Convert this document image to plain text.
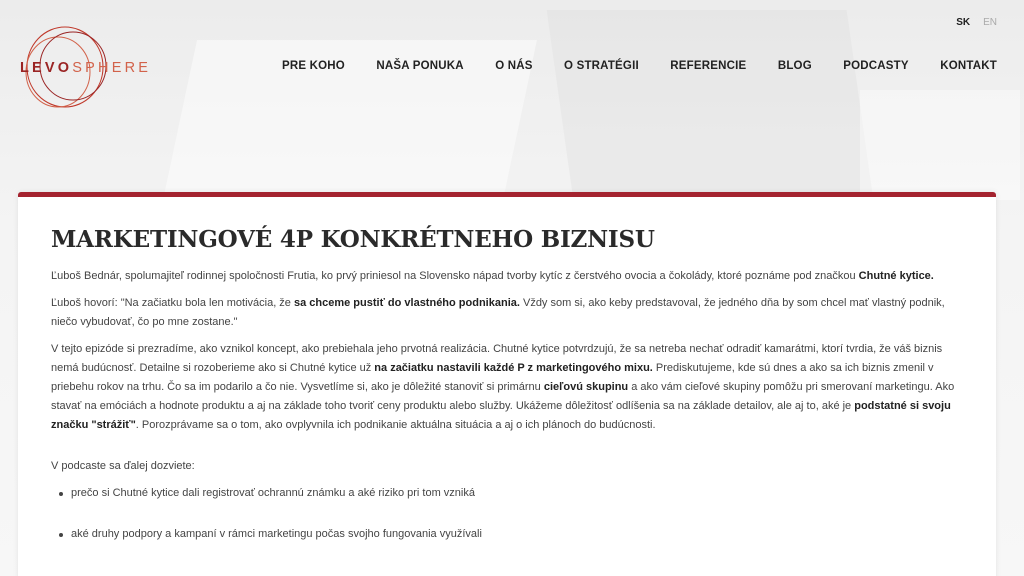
LEVOSPHERE
SK EN
PRE KOHO	NAŠA PONUKA	O NÁS	O STRATÉGII	REFERENCIE	BLOG	PODCASTY	KONTAKT
MARKETINGOVÉ 4P KONKRÉTNEHO BIZNISU

Ľuboš Bednár, spolumajiteľ rodinnej spoločnosti Frutia, ko prvý priniesol na Slovensko nápad tvorby kytíc z čerstvého ovocia a čokolády, ktoré poznáme pod značkou Chutné kytice.

Ľuboš hovorí: "Na začiatku bola len motivácia, že sa chceme pustiť do vlastného podnikania. Vždy som si, ako keby predstavoval, že jedného dňa by som chcel mať vlastný podnik, niečo vybudovať, čo po mne zostane."

V tejto epizóde si prezradíme, ako vznikol koncept, ako prebiehala jeho prvotná realizácia. Chutné kytice potvrdzujú, že sa netreba nechať odradiť kamarátmi, ktorí tvrdia, že váš biznis nemá budúcnosť. Detailne si rozoberieme ako si Chutné kytice už na začiatku nastavili každé P z marketingového mixu. Prediskutujeme, kde sú dnes a ako sa ich biznis zmenil v priebehu rokov na trhu. Čo sa im podarilo a čo nie. Vysvetlíme si, ako je dôležité stanoviť si primárnu cieľovú skupinu a ako vám cieľové skupiny pomôžu pri smerovaní marketingu. Ako stavať na emóciách a hodnote produktu a aj na základe toho tvoriť ceny produktu alebo služby. Ukážeme dôležitosť odlíšenia sa na základe detailov, ale aj to, aké je podstatné si svoju značku "strážiť". Porozprávame sa o tom, ako ovplyvnila ich podnikanie aktuálna situácia a aj o ich plánoch do budúcnosti.

V podcaste sa ďalej dozviete:

prečo si Chutné kytice dali registrovať ochrannú známku a aké riziko pri tom vzniká
aké druhy podpory a kampaní v rámci marketingu počas svojho fungovania využívali
